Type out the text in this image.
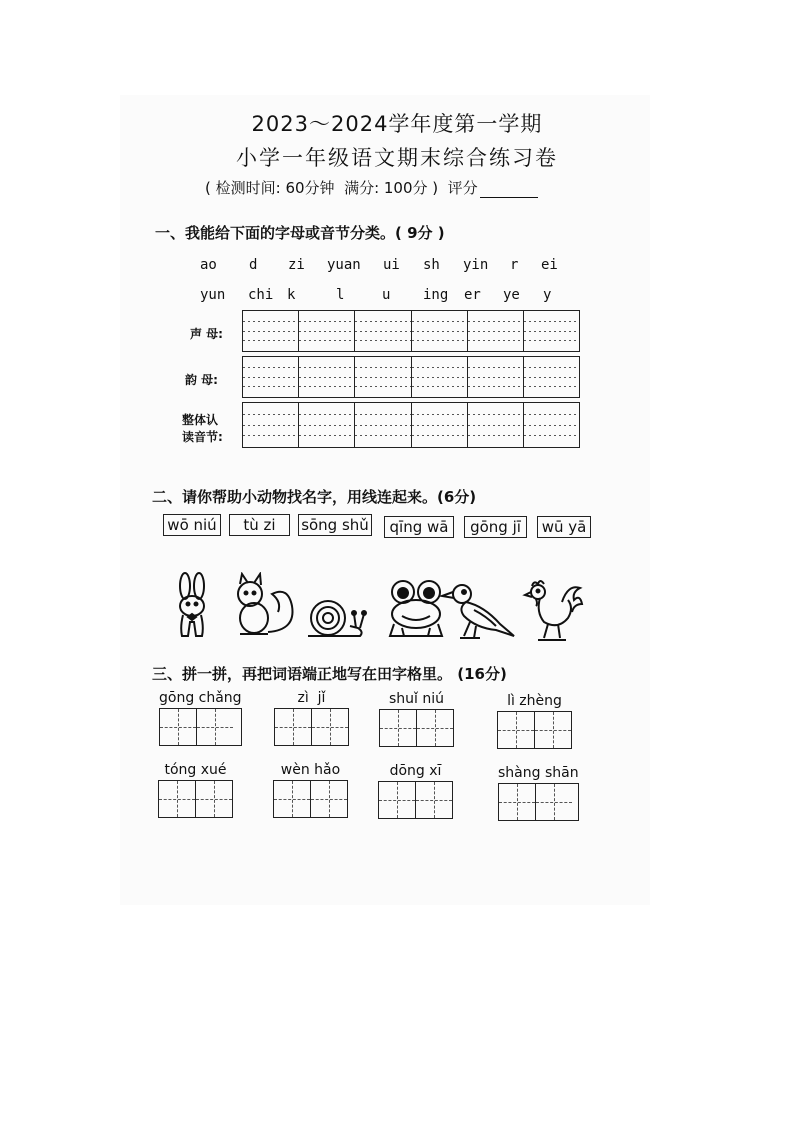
2023～2024学年度第一学期
小学一年级语文期末综合练习卷
( 检测时间: 60分钟  满分: 100分 )  评分
一、我能给下面的字母或音节分类。( 9分 )
ao d zi yuan ui sh yin r ei
yun chi k	l	u ing er ye y
声 母:
韵 母:
整体认
读音节:
二、请你帮助小动物找名字，用线连起来。(6分)
wō niú	tù zi	sōng shǔ	qīng wā	gōng jī	wū yā
三、拼一拼，再把词语端正地写在田字格里。 (16分)
gōng chǎng	zì  jǐ	shuǐ niú	lì zhèng
tóng xué	wèn hǎo	dōng xī	shàng shān
